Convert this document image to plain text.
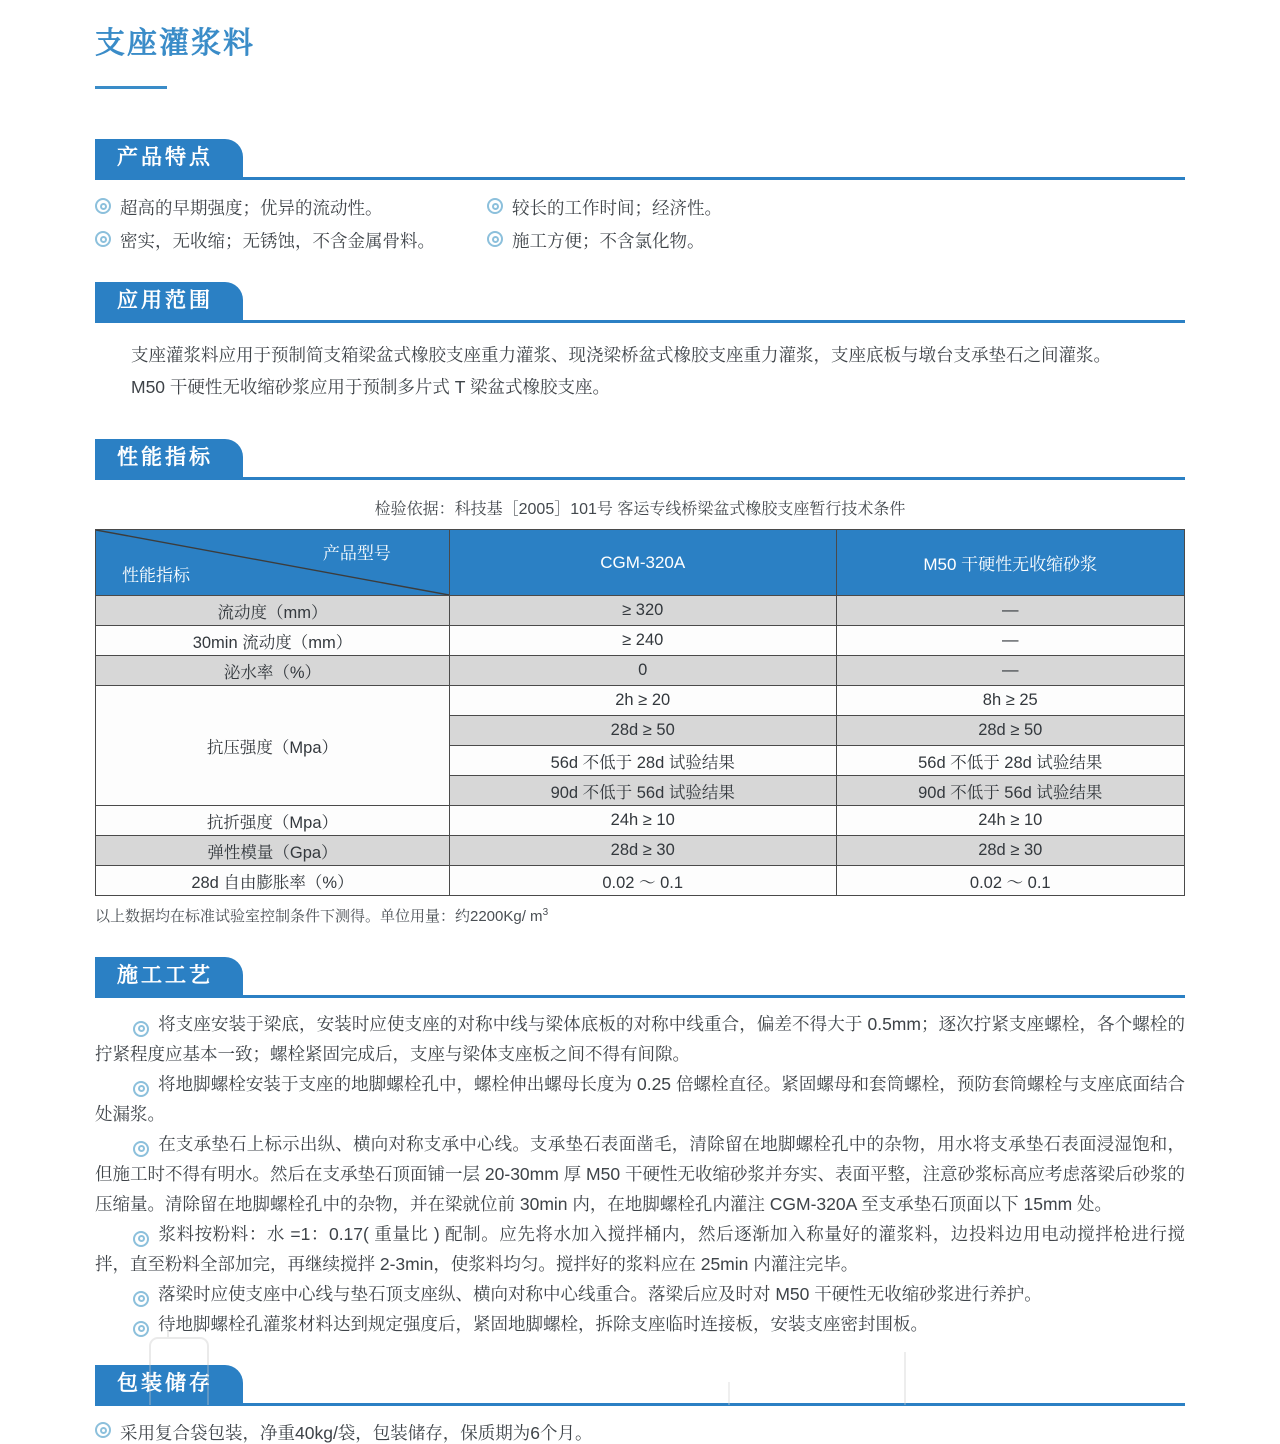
支座灌浆料
产品特点
超高的早期强度；优异的流动性。	较长的工作时间；经济性。
密实，无收缩；无锈蚀，不含金属骨料。	施工方便；不含氯化物。
应用范围

支座灌浆料应用于预制简支箱梁盆式橡胶支座重力灌浆、现浇梁桥盆式橡胶支座重力灌浆，支座底板与墩台支承垫石之间灌浆。

M50 干硬性无收缩砂浆应用于预制多片式 T 梁盆式橡胶支座。

性能指标

检验依据：科技基［2005］101号 客运专线桥梁盆式橡胶支座暂行技术条件

产品型号
性能指标	CGM-320A	M50 干硬性无收缩砂浆
流动度（mm）	≥ 320	—
30min 流动度（mm）	≥ 240	—
泌水率（%）	0	—
抗压强度（Mpa）	2h ≥ 20	8h ≥ 25
	28d ≥ 50	28d ≥ 50
	56d 不低于 28d 试验结果	56d 不低于 28d 试验结果
	90d 不低于 56d 试验结果	90d 不低于 56d 试验结果
抗折强度（Mpa）	24h ≥ 10	24h ≥ 10
弹性模量（Gpa）	28d ≥ 30	28d ≥ 30
28d 自由膨胀率（%）	0.02 ～ 0.1	0.02 ～ 0.1

以上数据均在标准试验室控制条件下测得。单位用量：约2200Kg/ $m^3$

施工工艺

将支座安装于梁底，安装时应使支座的对称中线与梁体底板的对称中线重合，偏差不得大于 0.5mm；逐次拧紧支座螺栓，各个螺栓的拧紧程度应基本一致；螺栓紧固完成后，支座与梁体支座板之间不得有间隙。

将地脚螺栓安装于支座的地脚螺栓孔中，螺栓伸出螺母长度为 0.25 倍螺栓直径。紧固螺母和套筒螺栓，预防套筒螺栓与支座底面结合处漏浆。

在支承垫石上标示出纵、横向对称支承中心线。支承垫石表面凿毛，清除留在地脚螺栓孔中的杂物，用水将支承垫石表面浸湿饱和，但施工时不得有明水。然后在支承垫石顶面铺一层 20-30mm 厚 M50 干硬性无收缩砂浆并夯实、表面平整，注意砂浆标高应考虑落梁后砂浆的压缩量。清除留在地脚螺栓孔中的杂物，并在梁就位前 30min 内，在地脚螺栓孔内灌注 CGM-320A 至支承垫石顶面以下 15mm 处。

浆料按粉料：水 =1：0.17( 重量比 ) 配制。应先将水加入搅拌桶内，然后逐渐加入称量好的灌浆料，边投料边用电动搅拌枪进行搅拌，直至粉料全部加完，再继续搅拌 2-3min，使浆料均匀。搅拌好的浆料应在 25min 内灌注完毕。

落梁时应使支座中心线与垫石顶支座纵、横向对称中心线重合。落梁后应及时对 M50 干硬性无收缩砂浆进行养护。

待地脚螺栓孔灌浆材料达到规定强度后，紧固地脚螺栓，拆除支座临时连接板，安装支座密封围板。

包装储存

采用复合袋包装，净重40kg/袋，包装储存，保质期为6个月。
